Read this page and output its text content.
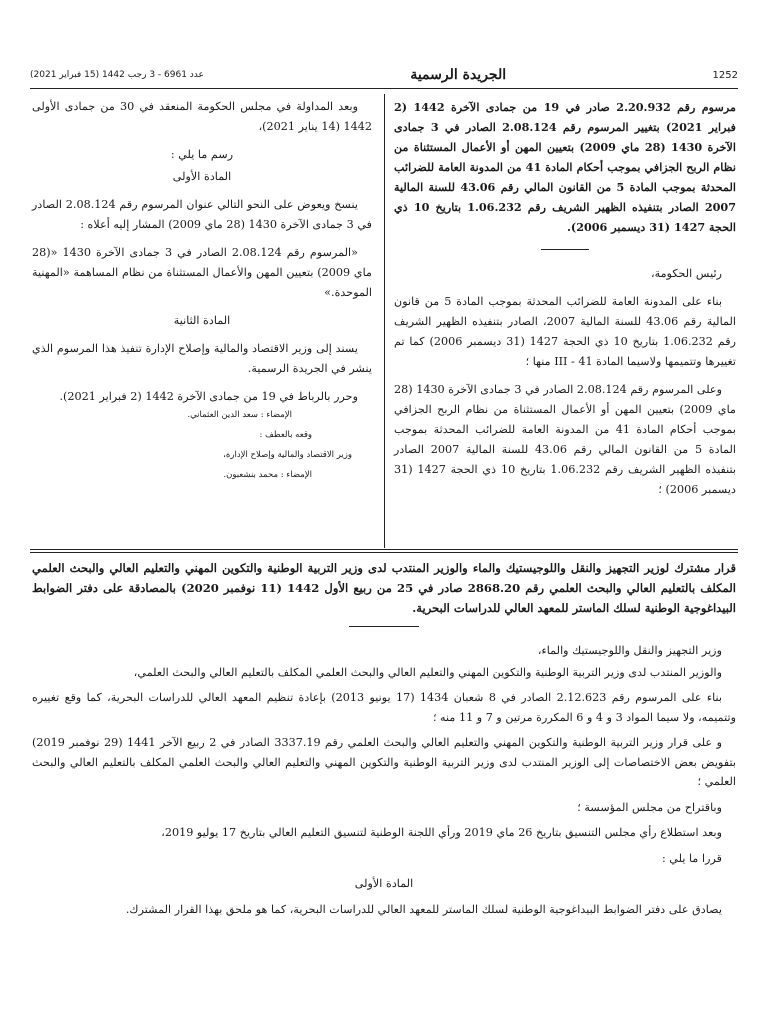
1252
الجريدة الرسمية
عدد 6961 - 3 رجب 1442 (15 فبراير 2021)

مرسوم رقم 2.20.932 صادر في 19 من جمادى الآخرة 1442 (2 فبراير 2021) بتغيير المرسوم رقم 2.08.124 الصادر في 3 جمادى الآخرة 1430 (28 ماي 2009) بتعيين المهن أو الأعمال المستثناة من نظام الربح الجزافي بموجب أحكام المادة 41 من المدونة العامة للضرائب المحدثة بموجب المادة 5 من القانون المالي رقم 43.06 للسنة المالية 2007 الصادر بتنفيذه الظهير الشريف رقم 1.06.232 بتاريخ 10 ذي الحجة 1427 (31 ديسمبر 2006).

رئيس الحكومة،

بناء على المدونة العامة للضرائب المحدثة بموجب المادة 5 من قانون المالية رقم 43.06 للسنة المالية 2007، الصادر بتنفيذه الظهير الشريف رقم 1.06.232 بتاريخ 10 ذي الحجة 1427 (31 ديسمبر 2006) كما تم تغييرها وتتميمها ولاسيما المادة 41 - III منها ؛

وعلى المرسوم رقم 2.08.124 الصادر في 3 جمادى الآخرة 1430 (28 ماي 2009) بتعيين المهن أو الأعمال المستثناة من نظام الربح الجزافي بموجب أحكام المادة 41 من المدونة العامة للضرائب المحدثة بموجب المادة 5 من القانون المالي رقم 43.06 للسنة المالية 2007 الصادر بتنفيذه الظهير الشريف رقم 1.06.232 بتاريخ 10 ذي الحجة 1427 (31 ديسمبر 2006) ؛

وبعد المداولة في مجلس الحكومة المنعقد في 30 من جمادى الأولى 1442 (14 يناير 2021)،

رسم ما يلي :

المادة الأولى

ينسخ ويعوض على النحو التالي عنوان المرسوم رقم 2.08.124 الصادر في 3 جمادى الآخرة 1430 (28 ماي 2009) المشار إليه أعلاه :

«المرسوم رقم 2.08.124 الصادر في 3 جمادى الآخرة 1430 «(28 ماي 2009) بتعيين المهن والأعمال المستثناة من نظام المساهمة «المهنية الموحدة.»

المادة الثانية

يسند إلى وزير الاقتصاد والمالية وإصلاح الإدارة تنفيذ هذا المرسوم الذي ينشر في الجريدة الرسمية.

وحرر بالرباط في 19 من جمادى الآخرة 1442 (2 فبراير 2021).

الإمضاء : سعد الدين العثماني.

وقعه بالعطف :

وزير الاقتصاد والمالية وإصلاح الإدارة،

الإمضاء : محمد بنشعبون.

قرار مشترك لوزير التجهيز والنقل واللوجيستيك والماء والوزير المنتدب لدى وزير التربية الوطنية والتكوين المهني والتعليم العالي والبحث العلمي المكلف بالتعليم العالي والبحث العلمي رقم 2868.20 صادر في 25 من ربيع الأول 1442 (11 نوفمبر 2020) بالمصادقة على دفتر الضوابط البيداغوجية الوطنية لسلك الماستر للمعهد العالي للدراسات البحرية.

وزير التجهيز والنقل واللوجيستيك والماء،

والوزير المنتدب لدى وزير التربية الوطنية والتكوين المهني والتعليم العالي والبحث العلمي المكلف بالتعليم العالي والبحث العلمي،

بناء على المرسوم رقم 2.12.623 الصادر في 8 شعبان 1434 (17 يونيو 2013) بإعادة تنظيم المعهد العالي للدراسات البحرية، كما وقع تغييره وتتميمه، ولا سيما المواد 3 و 4 و 6 المكررة مرتين و 7 و 11 منه ؛

و على قرار وزير التربية الوطنية والتكوين المهني والتعليم العالي والبحث العلمي رقم 3337.19 الصادر في 2 ربيع الآخر 1441 (29 نوفمبر 2019) بتفويض بعض الاختصاصات إلى الوزير المنتدب لدى وزير التربية الوطنية والتكوين المهني والتعليم العالي والبحث العلمي المكلف بالتعليم العالي والبحث العلمي ؛

وباقتراح من مجلس المؤسسة ؛

وبعد استطلاع رأي مجلس التنسيق بتاريخ 26 ماي 2019 ورأي اللجنة الوطنية لتنسيق التعليم العالي بتاريخ 17 يوليو 2019،

قررا ما يلي :

المادة الأولى

يصادق على دفتر الضوابط البيداغوجية الوطنية لسلك الماستر للمعهد العالي للدراسات البحرية، كما هو ملحق بهذا القرار المشترك.
